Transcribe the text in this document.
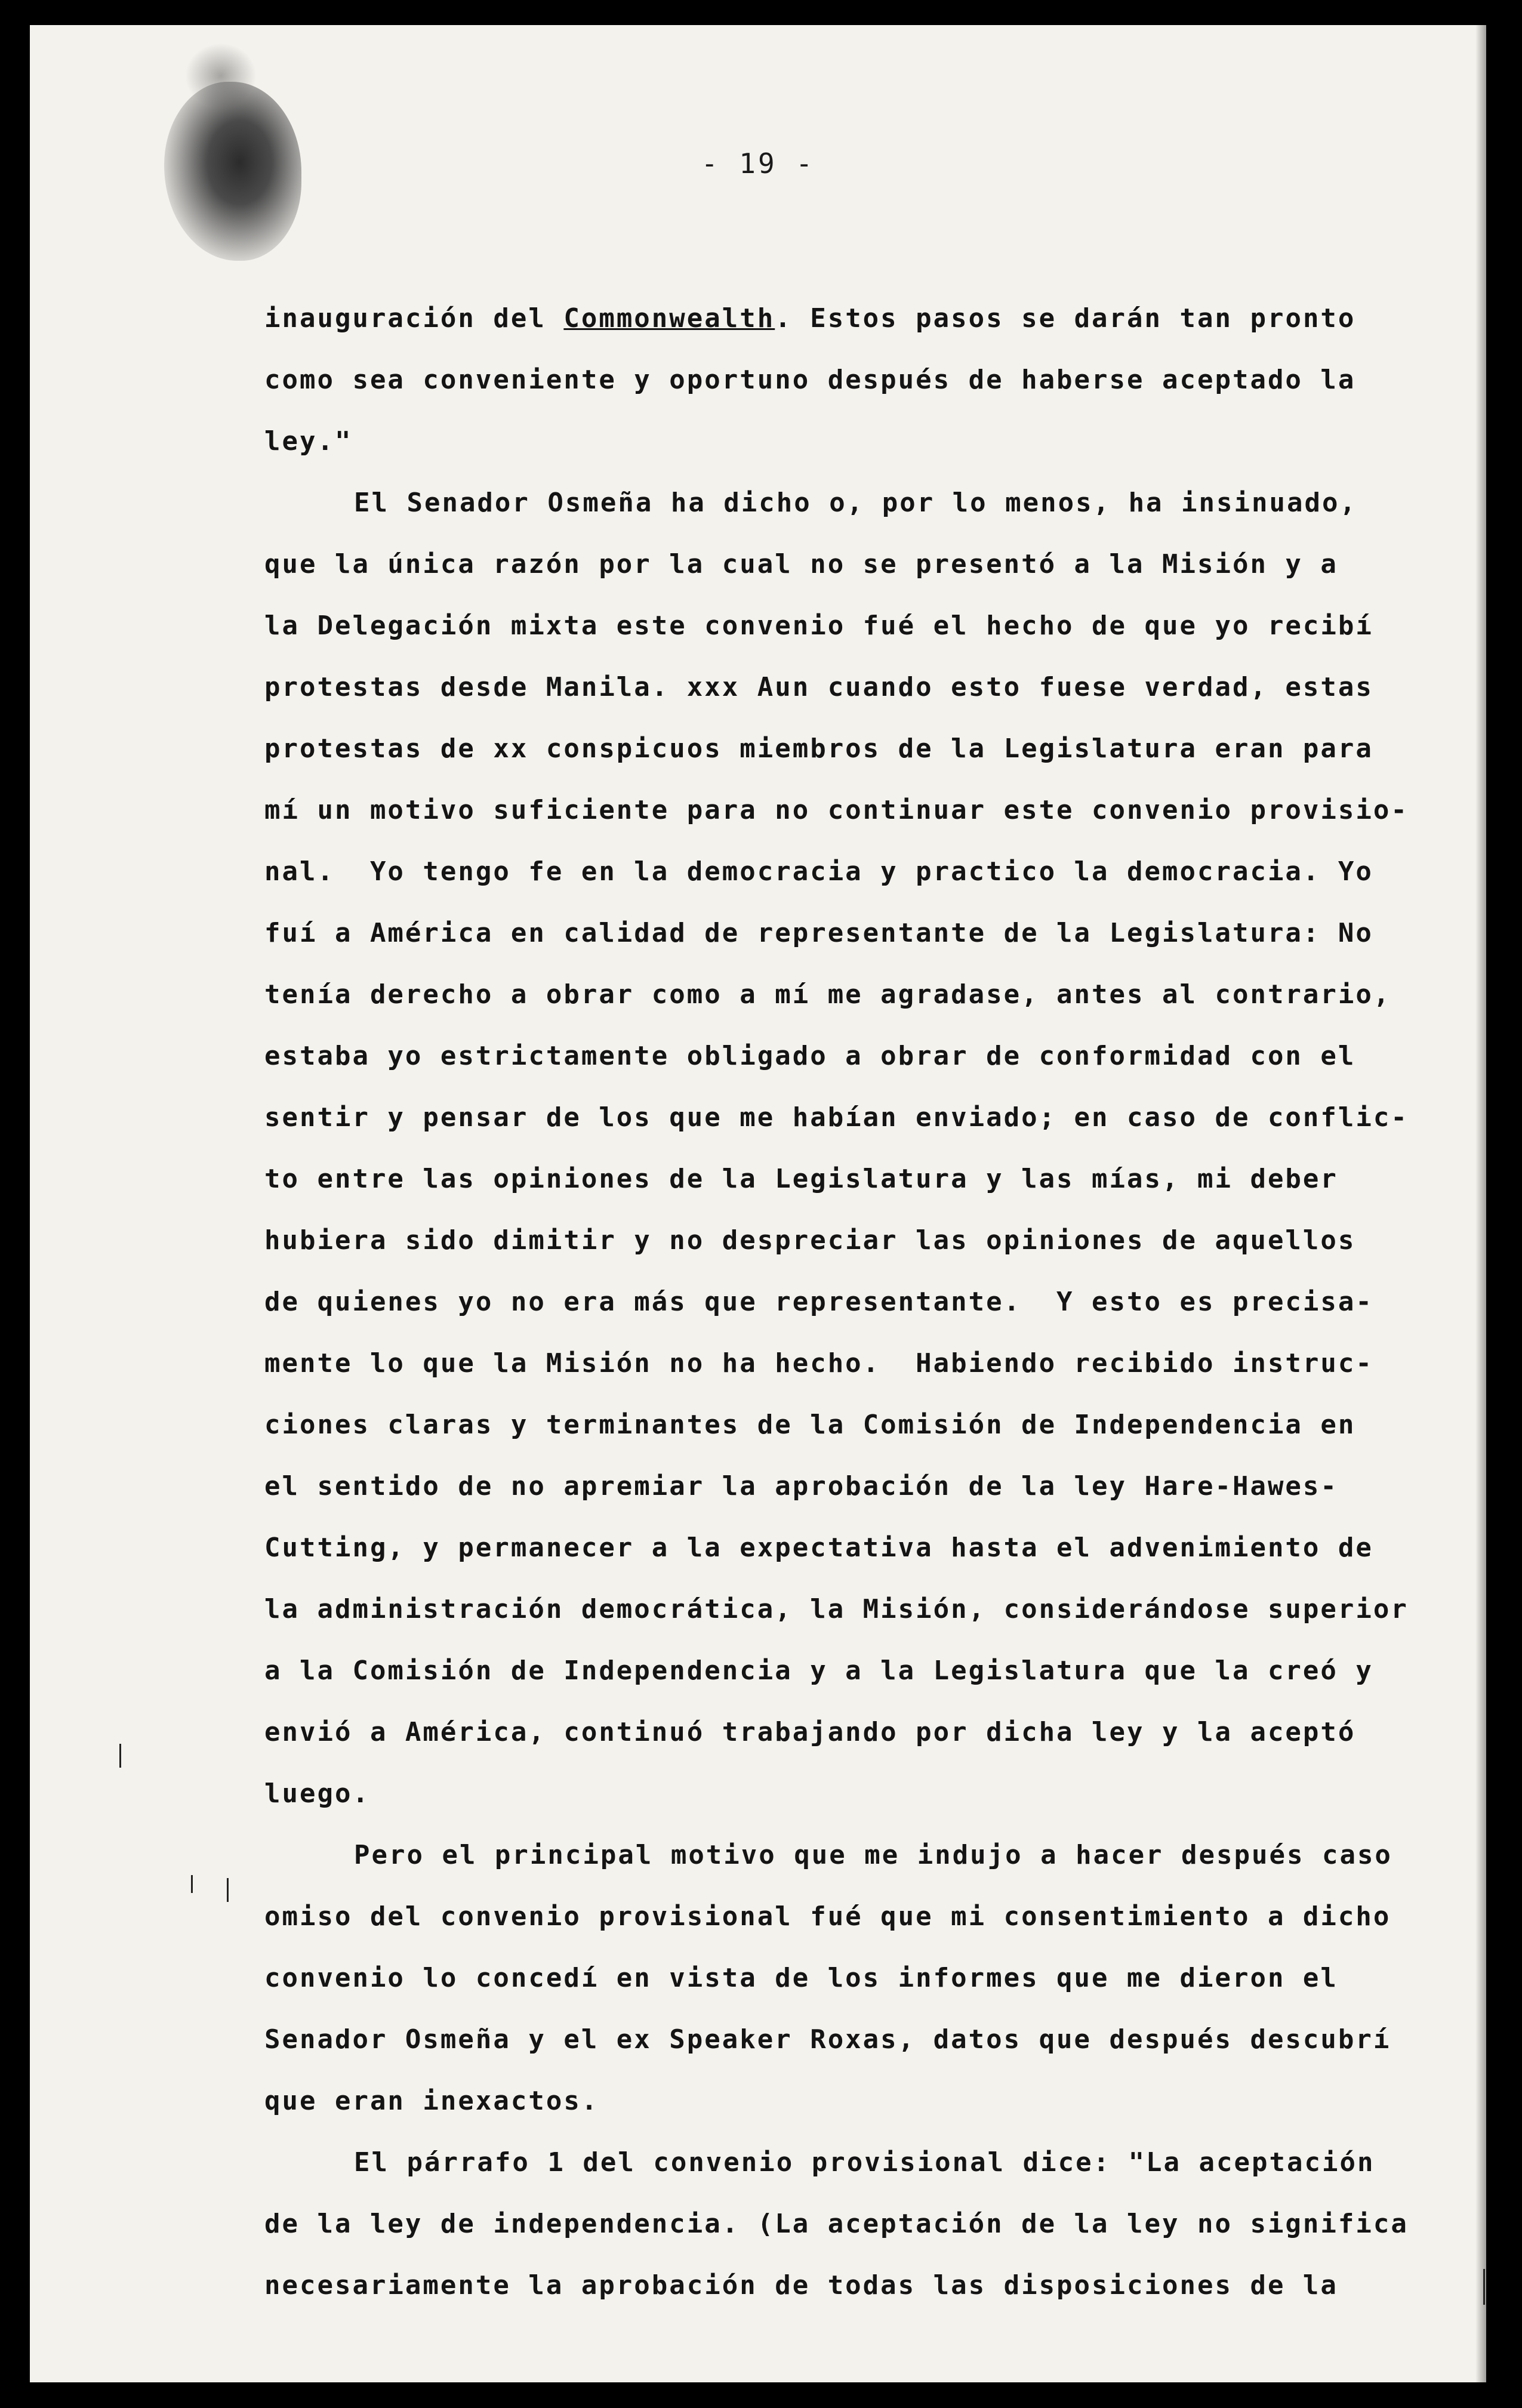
- 19 -
inauguración del Commonwealth. Estos pasos se darán tan pronto
como sea conveniente y oportuno después de haberse aceptado la
ley."
El Senador Osmeña ha dicho o, por lo menos, ha insinuado,
que la única razón por la cual no se presentó a la Misión y a
la Delegación mixta este convenio fué el hecho de que yo recibí
protestas desde Manila. xxx Aun cuando esto fuese verdad, estas
protestas de xx conspicuos miembros de la Legislatura eran para
mí un motivo suficiente para no continuar este convenio provisio-
nal.  Yo tengo fe en la democracia y practico la democracia. Yo
fuí a América en calidad de representante de la Legislatura: No
tenía derecho a obrar como a mí me agradase, antes al contrario,
estaba yo estrictamente obligado a obrar de conformidad con el
sentir y pensar de los que me habían enviado; en caso de conflic-
to entre las opiniones de la Legislatura y las mías, mi deber
hubiera sido dimitir y no despreciar las opiniones de aquellos
de quienes yo no era más que representante.  Y esto es precisa-
mente lo que la Misión no ha hecho.  Habiendo recibido instruc-
ciones claras y terminantes de la Comisión de Independencia en
el sentido de no apremiar la aprobación de la ley Hare-Hawes-
Cutting, y permanecer a la expectativa hasta el advenimiento de
la administración democrática, la Misión, considerándose superior
a la Comisión de Independencia y a la Legislatura que la creó y
envió a América, continuó trabajando por dicha ley y la aceptó
luego.
Pero el principal motivo que me indujo a hacer después caso
omiso del convenio provisional fué que mi consentimiento a dicho
convenio lo concedí en vista de los informes que me dieron el
Senador Osmeña y el ex Speaker Roxas, datos que después descubrí
que eran inexactos.
El párrafo 1 del convenio provisional dice: "La aceptación
de la ley de independencia. (La aceptación de la ley no significa
necesariamente la aprobación de todas las disposiciones de la
